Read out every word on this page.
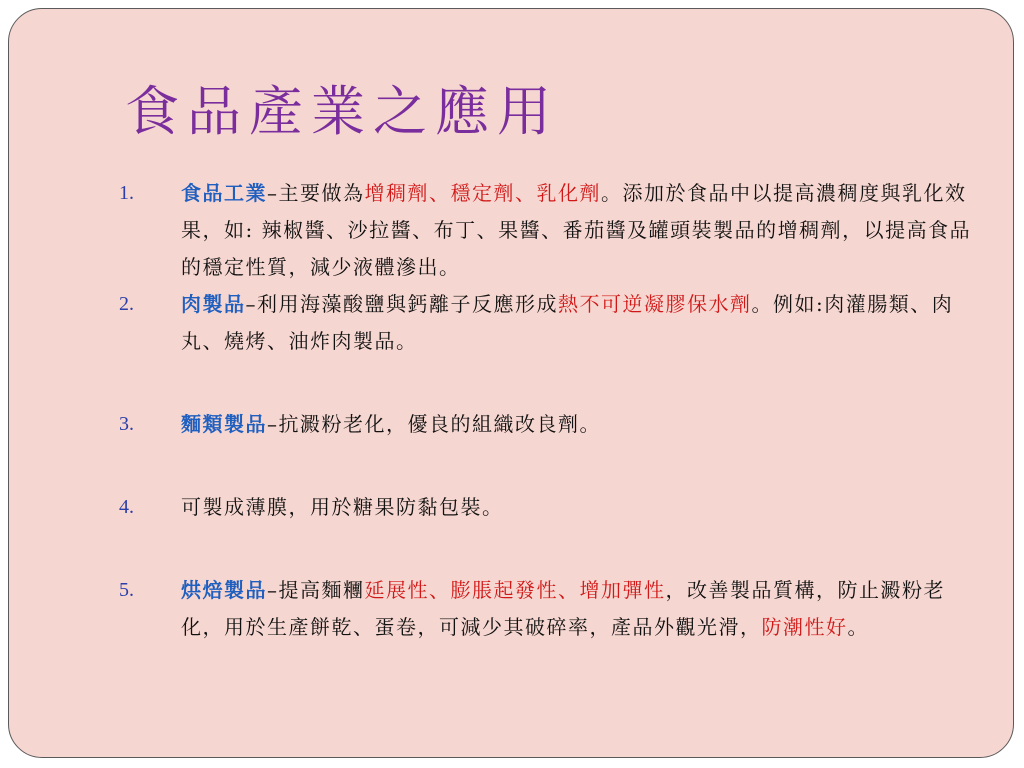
食品產業之應用
1. 食品工業–主要做為增稠劑、穩定劑、乳化劑。添加於食品中以提高濃稠度與乳化效果，如: 辣椒醬、沙拉醬、布丁、果醬、番茄醬及罐頭裝製品的增稠劑，以提高食品的穩定性質，減少液體滲出。
2. 肉製品–利用海藻酸鹽與鈣離子反應形成熱不可逆凝膠保水劑。例如:肉灌腸類、肉丸、燒烤、油炸肉製品。
3. 麵類製品–抗澱粉老化，優良的組織改良劑。
4. 可製成薄膜，用於糖果防黏包裝。
5. 烘焙製品–提高麵糰延展性、膨脹起發性、增加彈性，改善製品質構，防止澱粉老化，用於生產餅乾、蛋卷，可減少其破碎率，產品外觀光滑，防潮性好。
